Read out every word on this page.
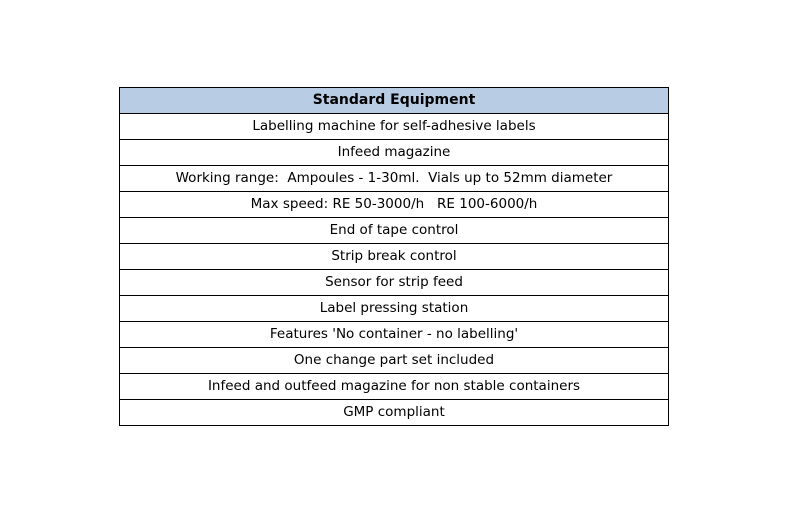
Standard Equipment
Labelling machine for self-adhesive labels
Infeed magazine
Working range:  Ampoules - 1-30ml.  Vials up to 52mm diameter
Max speed: RE 50-3000/h   RE 100-6000/h
End of tape control
Strip break control
Sensor for strip feed
Label pressing station
Features 'No container - no labelling'
One change part set included
Infeed and outfeed magazine for non stable containers
GMP compliant
